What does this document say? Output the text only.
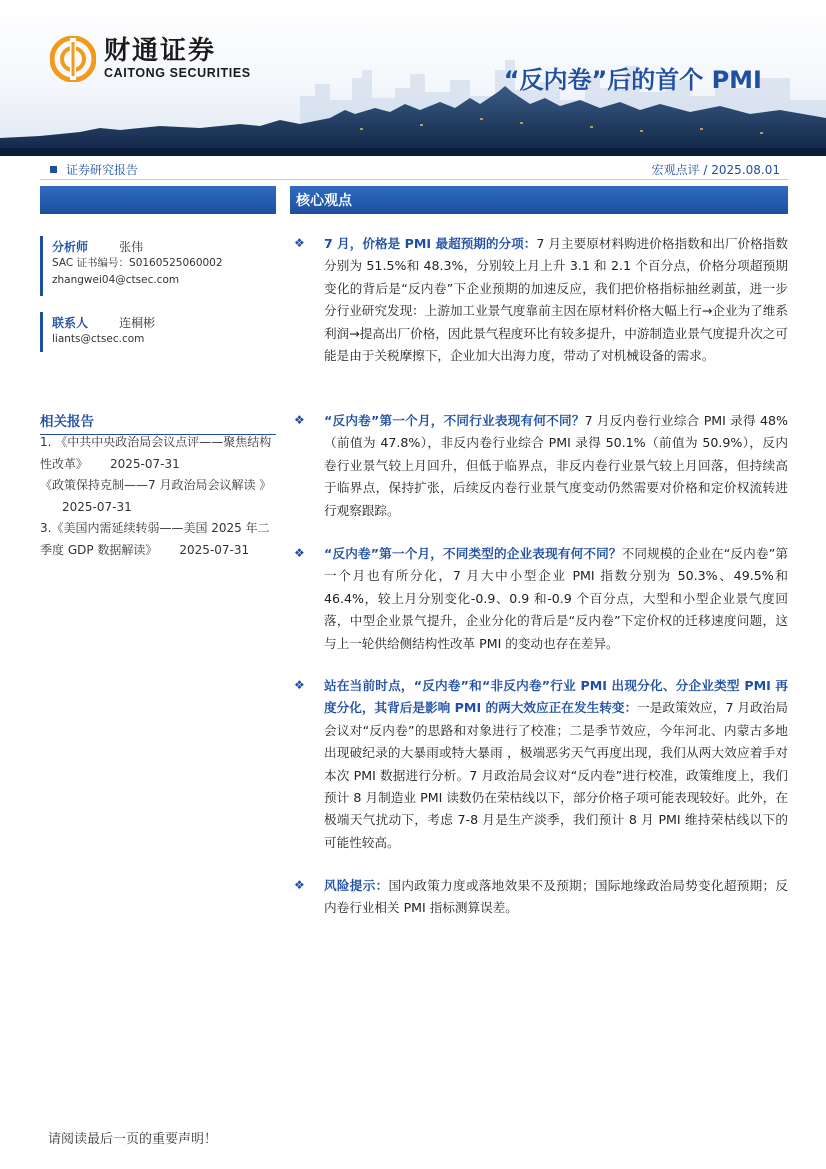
财通证券
CAITONG SECURITIES	“反内卷”后的首个 PMI
证券研究报告	宏观点评 / 2025.08.01
分析师	张伟
SAC 证书编号：S0160525060002
zhangwei04@ctsec.com
联系人	连桐彬
liants@ctsec.com
相关报告
1. 《中共中央政治局会议点评——聚焦结构性改革》 2025-07-31
《政策保持克制——7 月政治局会议解读 》2025-07-31
3.《美国内需延续转弱——美国 2025 年二季度 GDP 数据解读》 2025-07-31
核心观点
❖ 7 月，价格是 PMI 最超预期的分项：7 月主要原材料购进价格指数和出厂价格指数分别为 51.5%和 48.3%，分别较上月上升 3.1 和 2.1 个百分点，价格分项超预期变化的背后是“反内卷”下企业预期的加速反应，我们把价格指标抽丝剥茧，进一步分行业研究发现：上游加工业景气度靠前主因在原材料价格大幅上行→企业为了维系利润→提高出厂价格，因此景气程度环比有较多提升，中游制造业景气度提升次之可能是由于关税摩擦下，企业加大出海力度，带动了对机械设备的需求。
❖ “反内卷”第一个月，不同行业表现有何不同？7 月反内卷行业综合 PMI 录得 48%（前值为 47.8%），非反内卷行业综合 PMI 录得 50.1%（前值为 50.9%），反内卷行业景气较上月回升，但低于临界点，非反内卷行业景气较上月回落，但持续高于临界点，保持扩张，后续反内卷行业景气度变动仍然需要对价格和定价权流转进行观察跟踪。
❖ “反内卷”第一个月，不同类型的企业表现有何不同？不同规模的企业在“反内卷”第一个月也有所分化，7 月大中小型企业 PMI 指数分别为 50.3%、49.5%和 46.4%，较上月分别变化-0.9、0.9 和-0.9 个百分点，大型和小型企业景气度回落，中型企业景气提升，企业分化的背后是“反内卷”下定价权的迁移速度问题，这与上一轮供给侧结构性改革 PMI 的变动也存在差异。
❖ 站在当前时点，“反内卷”和“非反内卷”行业 PMI 出现分化、分企业类型 PMI 再度分化，其背后是影响 PMI 的两大效应正在发生转变：一是政策效应，7 月政治局会议对“反内卷”的思路和对象进行了校准；二是季节效应，今年河北、内蒙古多地出现破纪录的大暴雨或特大暴雨 ，极端恶劣天气再度出现，我们从两大效应着手对本次 PMI 数据进行分析。7 月政治局会议对“反内卷”进行校准，政策维度上，我们预计 8 月制造业 PMI 读数仍在荣枯线以下，部分价格子项可能表现较好。此外，在极端天气扰动下，考虑 7-8 月是生产淡季，我们预计 8 月 PMI 维持荣枯线以下的可能性较高。
❖ 风险提示：国内政策力度或落地效果不及预期；国际地缘政治局势变化超预期；反内卷行业相关 PMI 指标测算误差。
请阅读最后一页的重要声明！
